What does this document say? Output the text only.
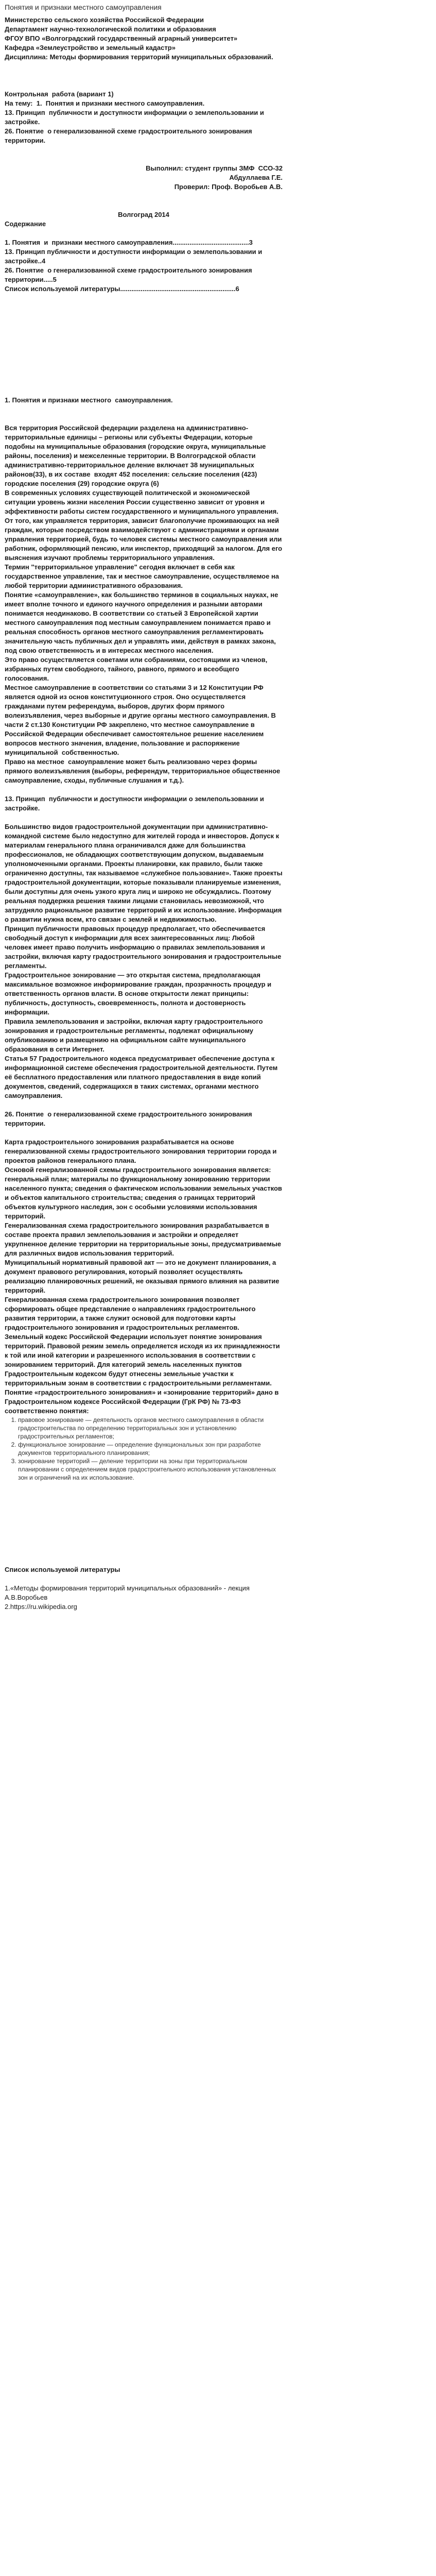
Понятия и признаки местного самоуправления

Министерство сельского хозяйства Российской Федерации

Департамент научно-технологической политики и образования

ФГОУ ВПО «Волгоградский государственный аграрный университет»

Кафедра «Землеустройство и земельный кадастр»

Дисциплина: Методы формирования территорий муниципальных образований.

Контрольная  работа (вариант 1)

На тему:  1.  Понятия и признаки местного самоуправления.

13. Принцип  публичности и доступности информации о землепользовании и застройке.

26. Понятие  о генерализованной схеме градостроительного зонирования территории.

Выполнил: студент группы ЗМФ  ССО-32

Абдуллаева Г.Е.

Проверил: Проф. Воробьев А.В.

Волгоград 2014

Содержание

1. Понятия  и  признаки местного самоуправления.........................................3

13. Принцип публичности и доступности информации о землепользовании и застройке..4

26. Понятие  о генерализованной схеме градостроительного зонирования территории.....5

Список используемой литературы..............................................................6

1. Понятия и признаки местного  самоуправления.

Вся территория Российской федерации разделена на административно-территориальные единицы – регионы или субъекты Федерации, которые подобны на муниципальные образования (городские округа, муниципальные районы, поселения) и межселенные территории. В Волгоградской области административно-территориальное деление включает 38 муниципальных районов(33), в их составе  входят 452 поселения: сельские поселения (423) городские поселения (29) городские округа (6)

В современных условиях существующей политической и экономической ситуации уровень жизни населения России существенно зависит от уровня и эффективности работы систем государственного и муниципального управления. От того, как управляется территория, зависит благополучие проживающих на ней граждан, которые посредством взаимодействуют с администрациями и органами управления территорией, будь то человек системы местного самоуправления или работник, оформляющий пенсию, или инспектор, приходящий за налогом. Для его выяснения изучают проблемы территориального управления.

Термин "территориальное управление" сегодня включает в себя как государственное управление, так и местное самоуправление, осуществляемое на любой территории административного образования.

Понятие «самоуправление», как большинство терминов в социальных науках, не имеет вполне точного и единого научного определения и разными авторами понимается неодинаково. В соответствии со статьей 3 Европейской хартии местного самоуправления под местным самоуправлением понимается право и реальная способность органов местного самоуправления регламентировать значительную часть публичных дел и управлять ими, действуя в рамках закона, под свою ответственность и в интересах местного населения.

Это право осуществляется советами или собраниями, состоящими из членов, избранных путем свободного, тайного, равного, прямого и всеобщего голосования.

Местное самоуправление в соответствии со статьями 3 и 12 Конституции РФ  является одной из основ конституционного строя. Оно осуществляется гражданами путем референдума, выборов, других форм прямого волеизъявления, через выборные и другие органы местного самоуправления. В части 2 ст.130 Конституции РФ закреплено, что местное самоуправление в Российской Федерации обеспечивает самостоятельное решение населением вопросов местного значения, владение, пользование и распоряжение муниципальной  собственностью.

Право на местное  самоуправление может быть реализовано через формы прямого волеизъявления (выборы, референдум, территориальное общественное самоуправление, сходы, публичные слушания и т.д.).

13. Принцип  публичности и доступности информации о землепользовании и застройке.

Большинство видов градостроительной документации при административно-командной системе было недоступно для жителей города и инвесторов. Допуск к материалам генерального плана ограничивался даже для большинства профессионалов, не обладающих соответствующим допуском, выдаваемым уполномоченными органами. Проекты планировки, как правило, были также ограниченно доступны, так называемое «служебное пользование». Также проекты градостроительной документации, которые показывали планируемые изменения, были доступны для очень узкого круга лиц и широко не обсуждались. Поэтому реальная поддержка решения такими лицами становилась невозможной, что затрудняло рациональное развитие территорий и их использование. Информация о развитии нужна всем, кто связан с землей и недвижимостью.

Принцип публичности правовых процедур предполагает, что обеспечивается свободный доступ к информации для всех заинтересованных лиц: Любой человек имеет право получить информацию о правилах землепользования и застройки, включая карту градостроительного зонирования и градостроительные регламенты.

Градостроительное зонирование — это открытая система, предполагающая максимальное возможное информирование граждан, прозрачность процедур и ответственность органов власти. В основе открытости лежат принципы: публичность, доступность, своевременность, полнота и достоверность информации.

Правила землепользования и застройки, включая карту градостроительного зонирования и градостроительные регламенты, подлежат официальному опубликованию и размещению на официальном сайте муниципального образования в сети Интернет.

Статья 57 Градостроительного кодекса предусматривает обеспечение доступа к информационной системе обеспечения градостроительной деятельности. Путем её бесплатного предоставления или платного предоставления в виде копий документов, сведений, содержащихся в таких системах, органами местного самоуправления.

26. Понятие  о генерализованной схеме градостроительного зонирования территории.

Карта градостроительного зонирования разрабатывается на основе генерализованной схемы градостроительного зонирования территории города и проектов районов генерального плана.

Основой генерализованной схемы градостроительного зонирования является: генеральный план; материалы по функциональному зонированию территории населенного пункта; сведения о фактическом использовании земельных участков и объектов капитального строительства; сведения о границах территорий объектов культурного наследия, зон с особыми условиями использования территорий.

Генерализованная схема градостроительного зонирования разрабатывается в составе проекта правил землепользования и застройки и определяет укрупненное деление территории на территориальные зоны, предусматриваемые для различных видов использования территорий.

Муниципальный нормативный правовой акт — это не документ планирования, а документ правового регулирования, который позволяет осуществлять реализацию планировочных решений, не оказывая прямого влияния на развитие территорий.

Генерализованная схема градостроительного зонирования позволяет сформировать общее представление о направлениях градостроительного развития территории, а также служит основой для подготовки карты градостроительного зонирования и градостроительных регламентов.

Земельный кодекс Российской Федерации использует понятие зонирования территорий. Правовой режим земель определяется исходя из их принадлежности к той или иной категории и разрешенного использования в соответствии с зонированием территорий. Для категорий земель населенных пунктов Градостроительным кодексом будут отнесены земельные участки к территориальным зонам в соответствии с градостроительными регламентами.

Понятие «градостроительного зонирования» и «зонирование территорий» дано в Градостроительном кодексе Российской Федерации (ГрК РФ) № 73-ФЗ соответственно понятия:

1. правовое зонирование — деятельность органов местного самоуправления в области градостроительства по определению территориальных зон и установлению градостроительных регламентов;
2. функциональное зонирование — определение функциональных зон при разработке документов территориального планирования;
3. зонирование территорий — деление территории на зоны при территориальном планировании с определением видов градостроительного использования установленных зон и ограничений на их использование.

Список используемой литературы

1.«Методы формирования территорий муниципальных образований» - лекция А.В.Воробьев

2.https://ru.wikipedia.org
